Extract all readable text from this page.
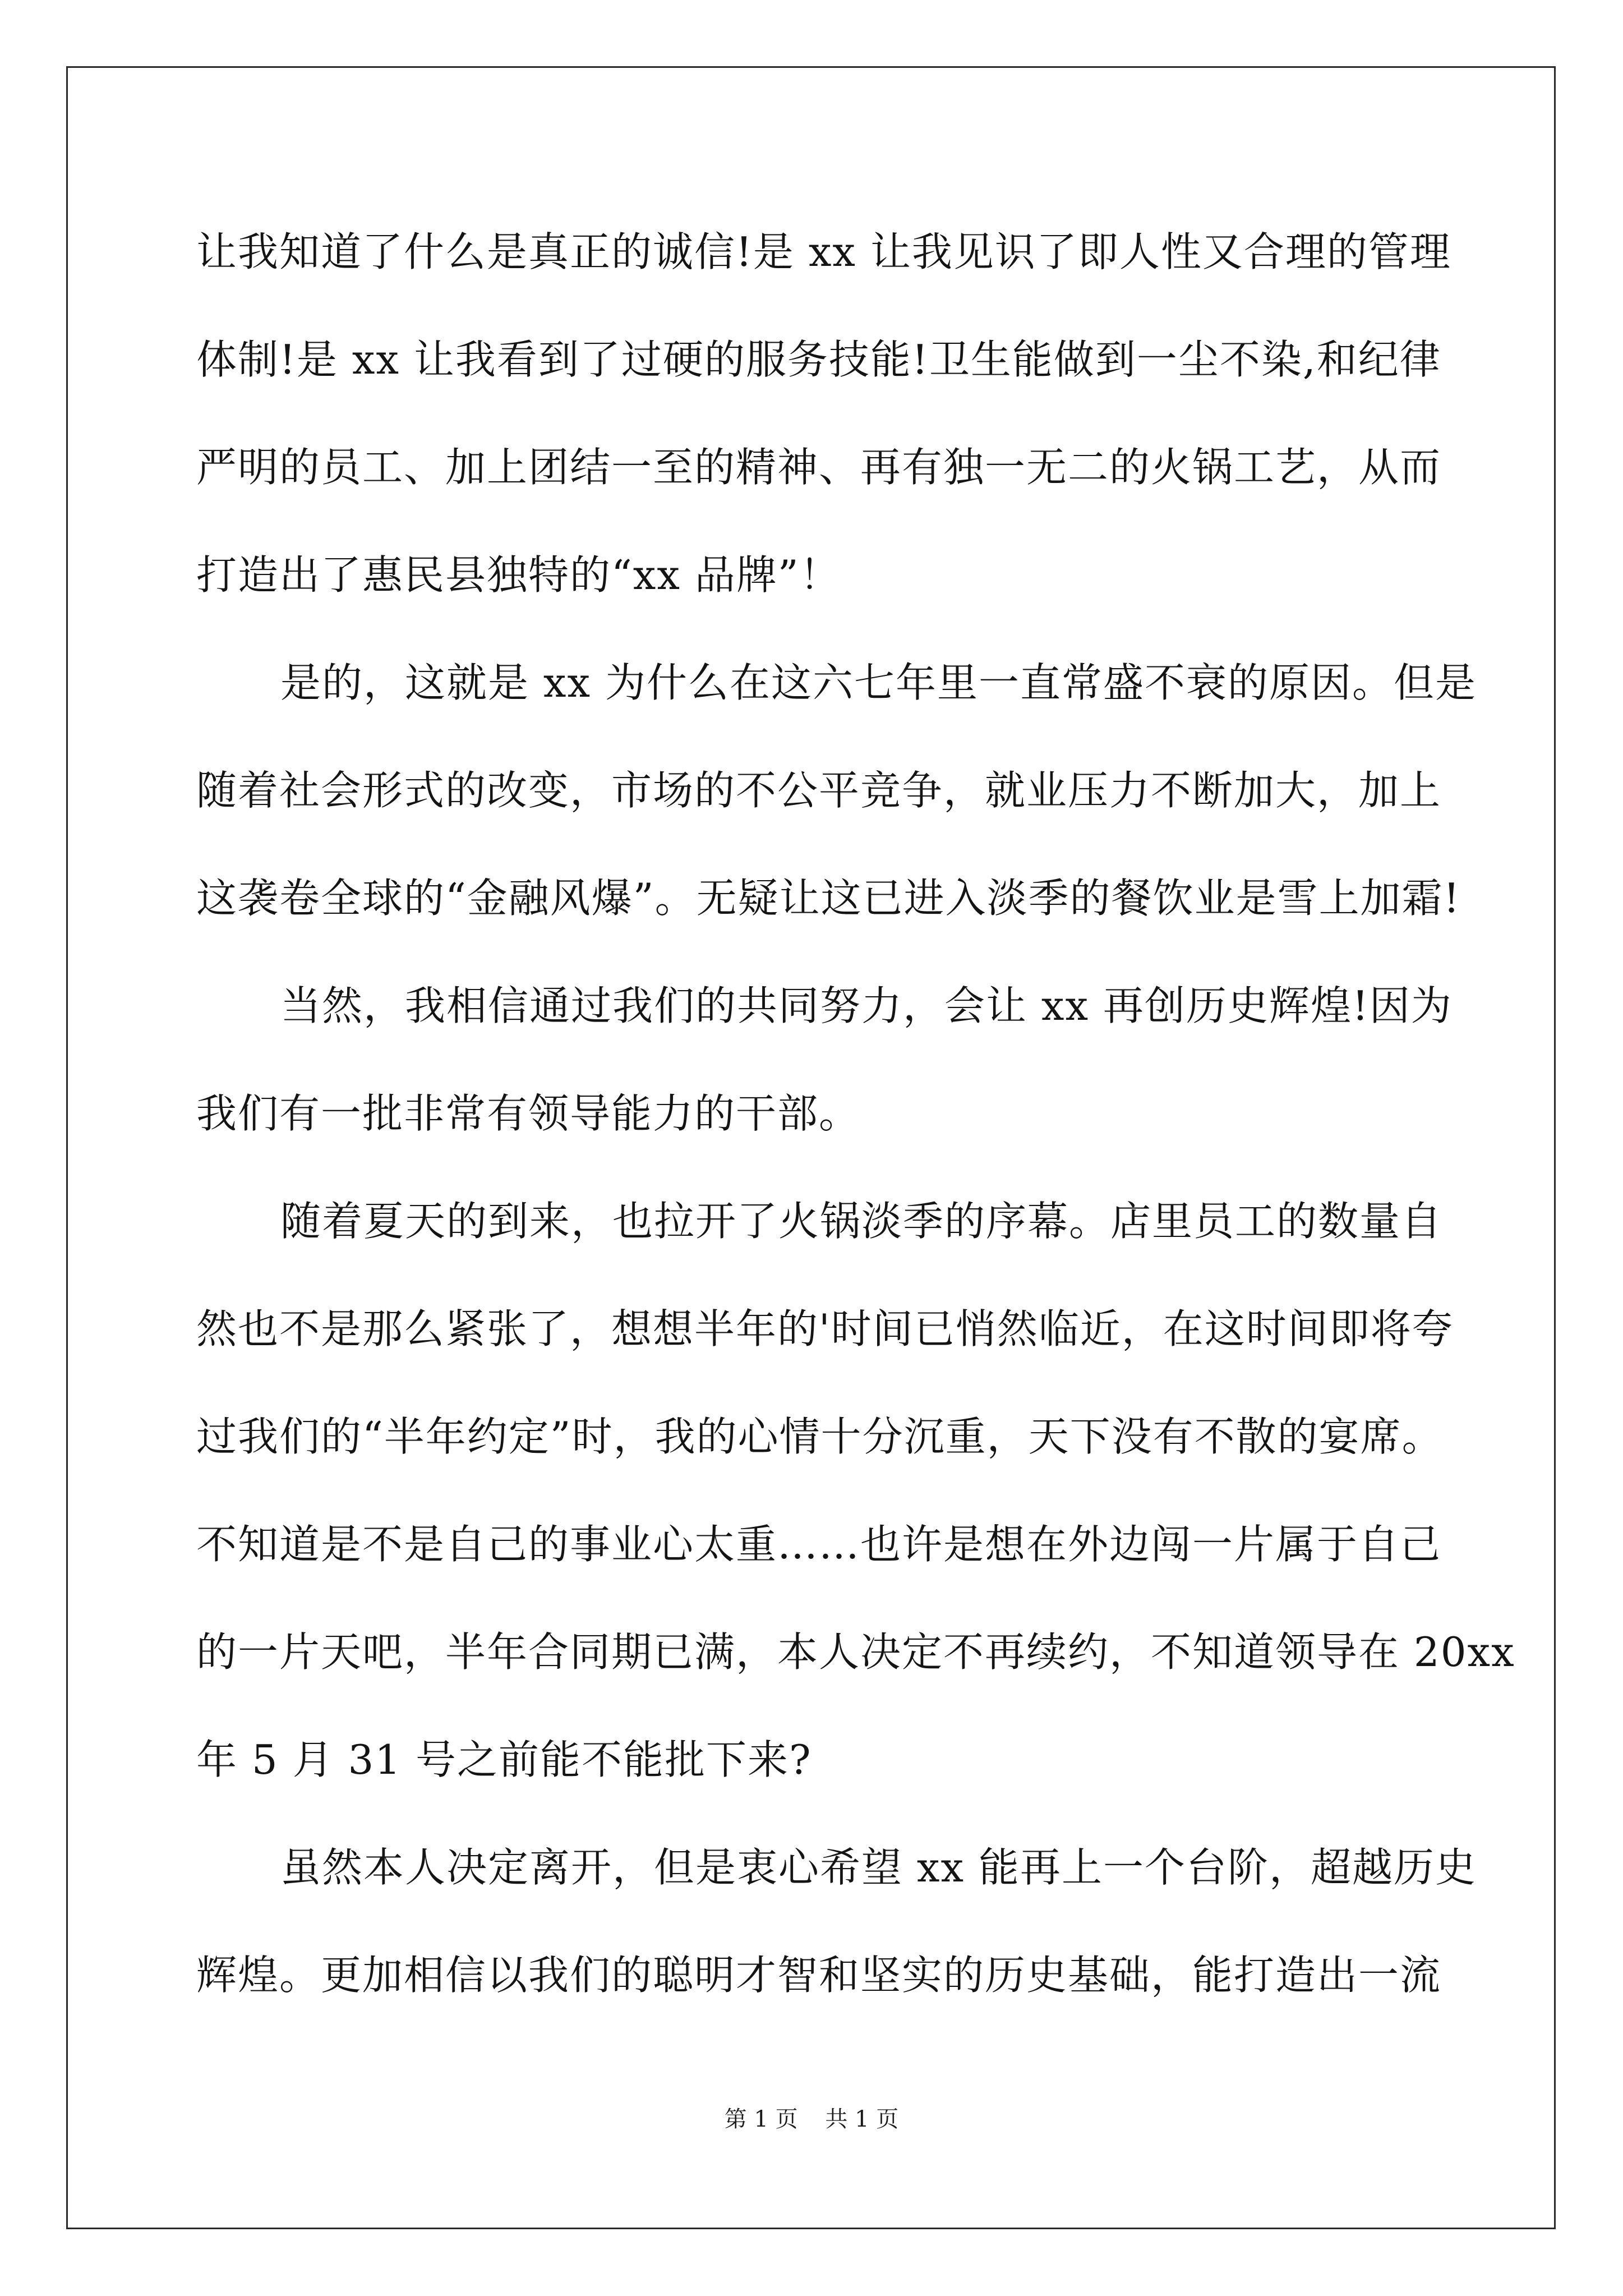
让我知道了什么是真正的诚信!是 xx 让我见识了即人性又合理的管理
体制!是 xx 让我看到了过硬的服务技能!卫生能做到一尘不染,和纪律
严明的员工、加上团结一至的精神、再有独一无二的火锅工艺，从而
打造出了惠民县独特的“xx 品牌”！
是的，这就是 xx 为什么在这六七年里一直常盛不衰的原因。但是
随着社会形式的改变，市场的不公平竞争，就业压力不断加大，加上
这袭卷全球的“金融风爆”。无疑让这已进入淡季的餐饮业是雪上加霜!
当然，我相信通过我们的共同努力，会让 xx 再创历史辉煌!因为
我们有一批非常有领导能力的干部。
随着夏天的到来，也拉开了火锅淡季的序幕。店里员工的数量自
然也不是那么紧张了，想想半年的'时间已悄然临近，在这时间即将夸
过我们的“半年约定”时，我的心情十分沉重，天下没有不散的宴席。
不知道是不是自己的事业心太重……也许是想在外边闯一片属于自己
的一片天吧，半年合同期已满，本人决定不再续约，不知道领导在 20xx
年 5 月 31 号之前能不能批下来?
虽然本人决定离开，但是衷心希望 xx 能再上一个台阶，超越历史
辉煌。更加相信以我们的聪明才智和坚实的历史基础，能打造出一流
第 1 页 共 1 页
